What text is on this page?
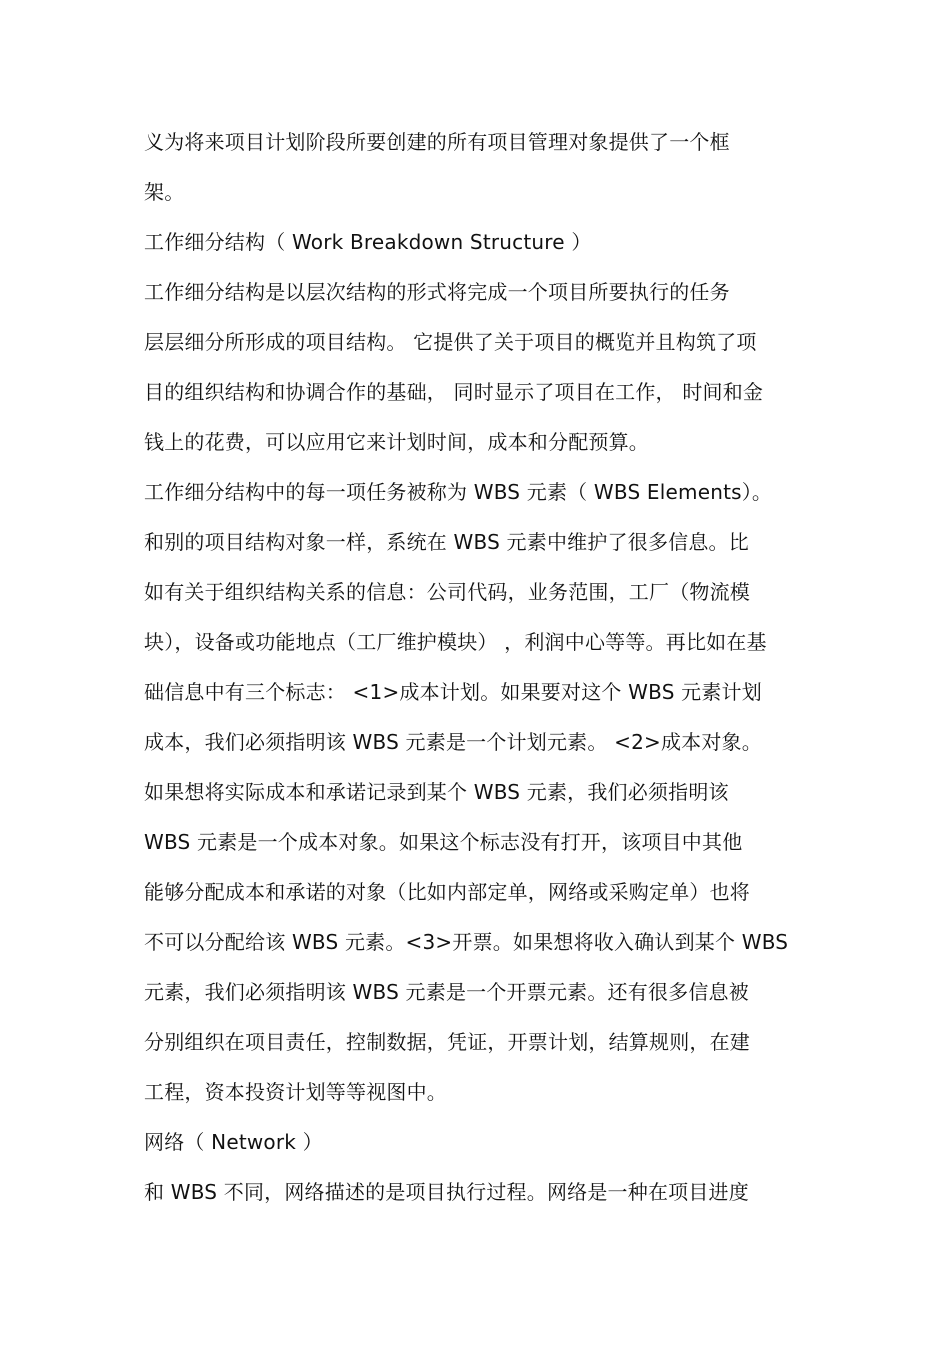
义为将来项目计划阶段所要创建的所有项目管理对象提供了一个框
架。
工作细分结构（ Work Breakdown Structure ）
工作细分结构是以层次结构的形式将完成一个项目所要执行的任务
层层细分所形成的项目结构。 它提供了关于项目的概览并且构筑了项
目的组织结构和协调合作的基础， 同时显示了项目在工作， 时间和金
钱上的花费，可以应用它来计划时间，成本和分配预算。
工作细分结构中的每一项任务被称为 WBS 元素（ WBS Elements）。
和别的项目结构对象一样，系统在 WBS 元素中维护了很多信息。比
如有关于组织结构关系的信息：公司代码，业务范围，工厂（物流模
块），设备或功能地点（工厂维护模块） ，利润中心等等。再比如在基
础信息中有三个标志： <1>成本计划。如果要对这个 WBS 元素计划
成本，我们必须指明该 WBS 元素是一个计划元素。 <2>成本对象。
如果想将实际成本和承诺记录到某个 WBS 元素，我们必须指明该
WBS 元素是一个成本对象。如果这个标志没有打开，该项目中其他
能够分配成本和承诺的对象（比如内部定单，网络或采购定单）也将
不可以分配给该 WBS 元素。<3>开票。如果想将收入确认到某个 WBS
元素，我们必须指明该 WBS 元素是一个开票元素。还有很多信息被
分别组织在项目责任，控制数据，凭证，开票计划，结算规则，在建
工程，资本投资计划等等视图中。
网络（ Network ）
和 WBS 不同，网络描述的是项目执行过程。网络是一种在项目进度
